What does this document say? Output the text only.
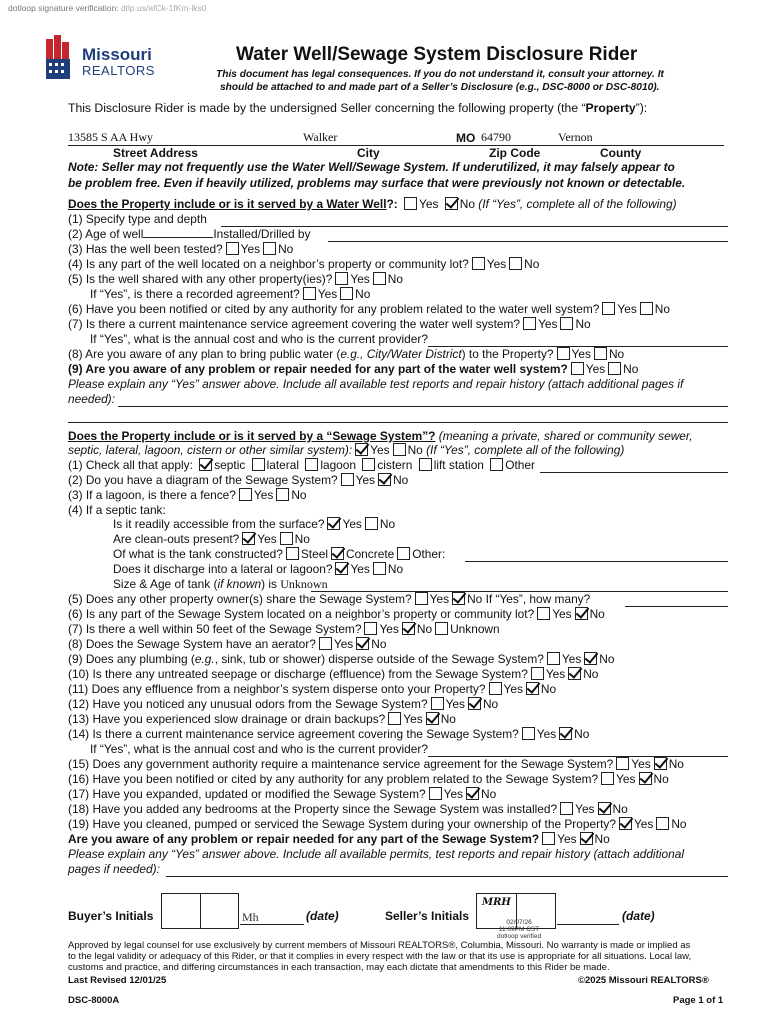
dotloop signature verification: dtlp.us/afCk-1fKm-lks0
Missouri
REALTORS
Water Well/Sewage System Disclosure Rider
This document has legal consequences. If you do not understand it, consult your attorney. It
should be attached to and made part of a Seller’s Disclosure (e.g., DSC-8000 or DSC-8010).
This Disclosure Rider is made by the undersigned Seller concerning the following property (the “Property”):
13585 S AA Hwy	Walker	MO 64790	Vernon
Street Address	City	Zip Code	County
Note: Seller may not frequently use the Water Well/Sewage System. If underutilized, it may falsely appear to
be problem free. Even if heavily utilized, problems may surface that were previously not known or detectable.
Does the Property include or is it served by a Water Well?: Yes No (If “Yes”, complete all of the following)
(1) Specify type and depth
(2) Age of well	Installed/Drilled by
(3) Has the well been tested? Yes No
(4) Is any part of the well located on a neighbor’s property or community lot? Yes No
(5) Is the well shared with any other property(ies)? Yes No
If “Yes”, is there a recorded agreement? Yes No
(6) Have you been notified or cited by any authority for any problem related to the water well system? Yes No
(7) Is there a current maintenance service agreement covering the water well system? Yes No
If “Yes”, what is the annual cost and who is the current provider?
(8) Are you aware of any plan to bring public water (e.g., City/Water District) to the Property? Yes No
(9) Are you aware of any problem or repair needed for any part of the water well system? Yes No
Please explain any “Yes” answer above. Include all available test reports and repair history (attach additional pages if
needed):
Does the Property include or is it served by a “Sewage System”? (meaning a private, shared or community sewer,
septic, lateral, lagoon, cistern or other similar system): Yes No (If “Yes”, complete all of the following)
(1) Check all that apply: septic lateral lagoon cistern lift station Other
(2) Do you have a diagram of the Sewage System? Yes No
(3) If a lagoon, is there a fence? Yes No
(4) If a septic tank:
Is it readily accessible from the surface? Yes No
Are clean-outs present? Yes No
Of what is the tank constructed? Steel Concrete Other:
Does it discharge into a lateral or lagoon? Yes No
Size & Age of tank (if known) is Unknown
(5) Does any other property owner(s) share the Sewage System? Yes No If “Yes”, how many?
(6) Is any part of the Sewage System located on a neighbor’s property or community lot? Yes No
(7) Is there a well within 50 feet of the Sewage System? Yes No Unknown
(8) Does the Sewage System have an aerator? Yes No
(9) Does any plumbing (e.g., sink, tub or shower) disperse outside of the Sewage System? Yes No
(10) Is there any untreated seepage or discharge (effluence) from the Sewage System? Yes No
(11) Does any effluence from a neighbor’s system disperse onto your Property? Yes No
(12) Have you noticed any unusual odors from the Sewage System? Yes No
(13) Have you experienced slow drainage or drain backups? Yes No
(14) Is there a current maintenance service agreement covering the Sewage System? Yes No
If “Yes”, what is the annual cost and who is the current provider?
(15) Does any government authority require a maintenance service agreement for the Sewage System? Yes No
(16) Have you been notified or cited by any authority for any problem related to the Sewage System? Yes No
(17) Have you expanded, updated or modified the Sewage System? Yes No
(18) Have you added any bedrooms at the Property since the Sewage System was installed? Yes No
(19) Have you cleaned, pumped or serviced the Sewage System during your ownership of the Property? Yes No
Are you aware of any problem or repair needed for any part of the Sewage System? Yes No
Please explain any “Yes” answer above. Include all available permits, test reports and repair history (attach additional
pages if needed):
Buyer’s Initials	Mh	(date)	Seller’s Initials
MRH
02/07/26
11:09PM CST
dotloop verified
(date)
Approved by legal counsel for use exclusively by current members of Missouri REALTORS®, Columbia, Missouri. No warranty is made or implied as
to the legal validity or adequacy of this Rider, or that it complies in every respect with the law or that its use is appropriate for all situations. Local law,
customs and practice, and differing circumstances in each transaction, may each dictate that amendments to this Rider be made.
Last Revised 12/01/25	©2025 Missouri REALTORS®
DSC-8000A	Page 1 of 1
